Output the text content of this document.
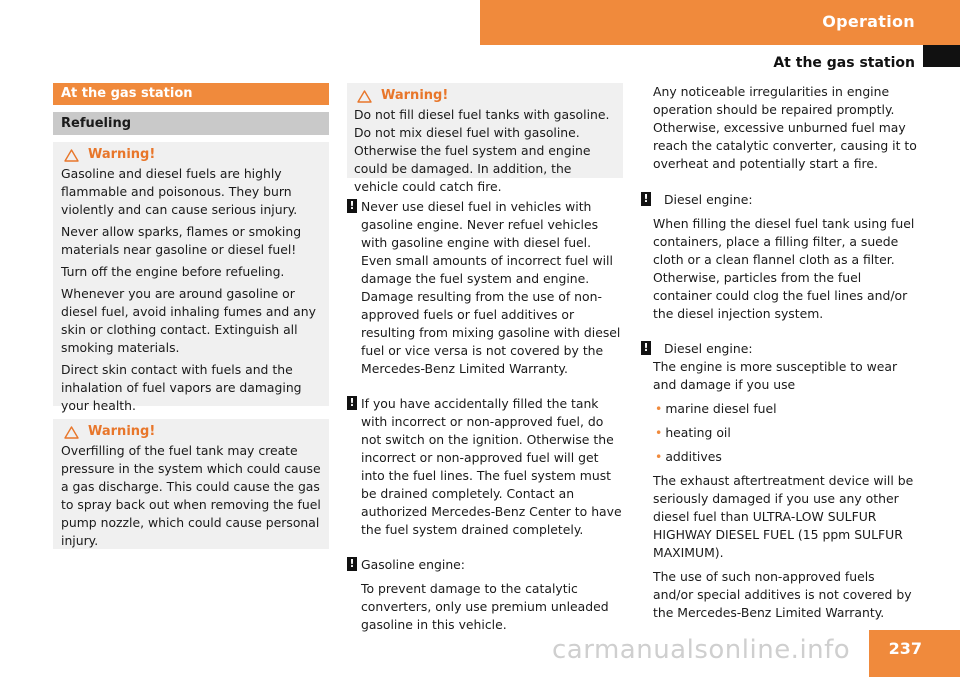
Operation
At the gas station
At the gas station
Refueling
Warning!

Gasoline and diesel fuels are highly flammable and poisonous. They burn violently and can cause serious injury.

Never allow sparks, flames or smoking materials near gasoline or diesel fuel!

Turn off the engine before refueling.

Whenever you are around gasoline or diesel fuel, avoid inhaling fumes and any skin or clothing contact. Extinguish all smoking materials.

Direct skin contact with fuels and the inhalation of fuel vapors are damaging your health.

Warning!

Overfilling of the fuel tank may create pressure in the system which could cause a gas discharge. This could cause the gas to spray back out when removing the fuel pump nozzle, which could cause personal injury.

Warning!

Do not fill diesel fuel tanks with gasoline. Do not mix diesel fuel with gasoline. Otherwise the fuel system and engine could be damaged. In addition, the vehicle could catch fire.

! Never use diesel fuel in vehicles with gasoline engine. Never refuel vehicles with gasoline engine with diesel fuel. Even small amounts of incorrect fuel will damage the fuel system and engine. Damage resulting from the use of non-approved fuels or fuel additives or resulting from mixing gasoline with diesel fuel or vice versa is not covered by the Mercedes-Benz Limited Warranty.
! If you have accidentally filled the tank with incorrect or non-approved fuel, do not switch on the ignition. Otherwise the incorrect or non-approved fuel will get into the fuel lines. The fuel system must be drained completely. Contact an authorized Mercedes-Benz Center to have the fuel system drained completely.
! Gasoline engine:
To prevent damage to the catalytic converters, only use premium unleaded gasoline in this vehicle.
Any noticeable irregularities in engine operation should be repaired promptly. Otherwise, excessive unburned fuel may reach the catalytic converter, causing it to overheat and potentially start a fire.
! Diesel engine:
When filling the diesel fuel tank using fuel containers, place a filling filter, a suede cloth or a clean flannel cloth as a filter. Otherwise, particles from the fuel container could clog the fuel lines and/or the diesel injection system.
! Diesel engine:
The engine is more susceptible to wear and damage if you use
• marine diesel fuel
• heating oil
• additives
The exhaust aftertreatment device will be seriously damaged if you use any other diesel fuel than ULTRA-LOW SULFUR HIGHWAY DIESEL FUEL (15 ppm SULFUR MAXIMUM).
The use of such non-approved fuels and/or special additives is not covered by the Mercedes-Benz Limited Warranty.
237
carmanualsonline.info
